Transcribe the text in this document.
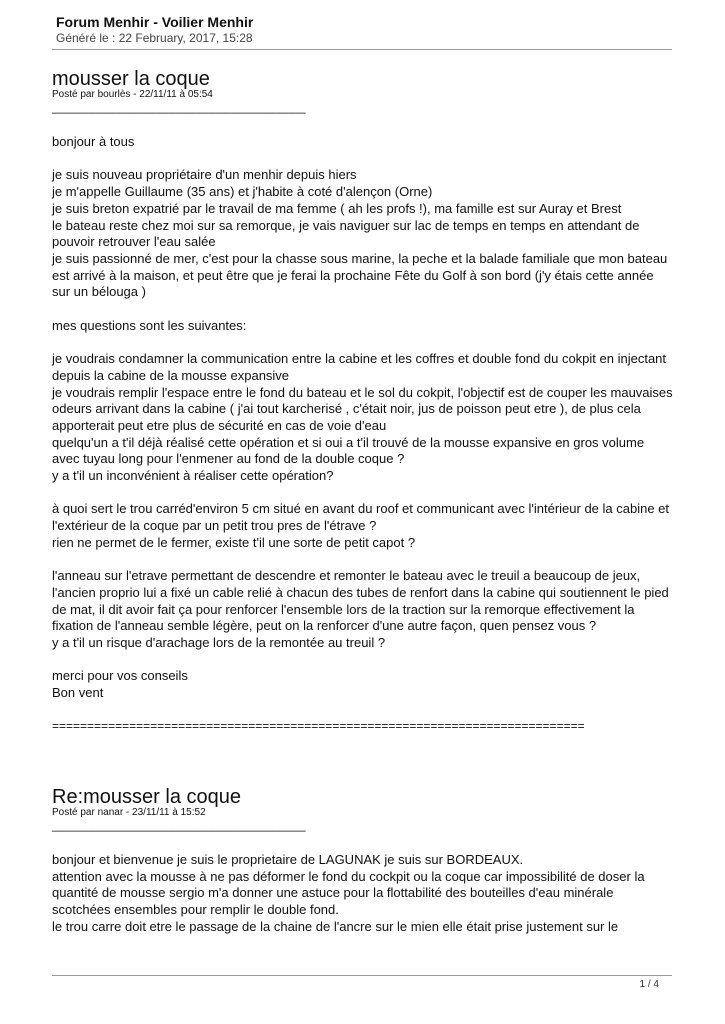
Forum Menhir - Voilier Menhir
Généré le : 22 February, 2017, 15:28
mousser la coque
Posté par bourlès - 22/11/11 à 05:54
______________________________________

bonjour à tous

je suis nouveau propriétaire d'un menhir depuis hiers
je m'appelle Guillaume (35 ans) et j'habite à coté d'alençon (Orne)
je suis breton expatrié par le travail de ma femme ( ah les profs !), ma famille est sur Auray et Brest
le bateau reste chez moi sur sa remorque, je vais naviguer sur lac de temps en temps en attendant de pouvoir retrouver l'eau salée
je suis passionné de mer, c'est pour la chasse sous marine, la peche et la balade familiale que mon bateau est arrivé à la maison, et peut être que je ferai la prochaine Fête du Golf à son bord (j'y étais cette année sur un bélouga )

mes questions sont les suivantes:

je voudrais condamner la communication entre la cabine et les coffres et double fond du cokpit en injectant depuis la cabine de la mousse expansive
je voudrais remplir l'espace entre le fond du bateau et le sol du cokpit, l'objectif est de couper les mauvaises odeurs arrivant dans la cabine ( j'ai tout karcherisé , c'était noir, jus de poisson peut etre ), de plus cela apporterait peut etre plus de sécurité en cas de voie d'eau
quelqu'un a t'il déjà réalisé cette opération et si oui a t'il trouvé de la mousse expansive en gros volume avec tuyau long pour l'enmener au fond de la double coque ?
y a t'il un inconvénient à réaliser cette opération?

à quoi sert le trou carréd'environ 5 cm situé en avant du roof et communicant avec l'intérieur de la cabine et l'extérieur de la coque par un petit trou pres de l'étrave ?
rien ne permet de le fermer, existe t'il une sorte de petit capot ?

l'anneau sur l'etrave permettant de descendre et remonter le bateau avec le treuil a beaucoup de jeux, l'ancien proprio lui a fixé un cable relié à chacun des tubes de renfort dans la cabine qui soutiennent le pied de mat, il dit avoir fait ça pour renforcer l'ensemble lors de la traction sur la remorque effectivement la fixation de l'anneau semble légère, peut on la renforcer d'une autre façon, quen pensez vous ?
y a t'il un risque d'arachage lors de la remontée au treuil ?

merci pour vos conseils
Bon vent

============================================================================
Re:mousser la coque
Posté par nanar - 23/11/11 à 15:52
______________________________________

bonjour et bienvenue je suis le proprietaire de LAGUNAK je suis sur BORDEAUX.
attention avec la mousse à ne pas déformer le fond du cockpit ou la coque car impossibilité de doser la quantité de mousse sergio m'a donner une astuce pour la flottabilité des bouteilles d'eau minérale scotchées ensembles pour remplir le double fond.
le trou carre doit etre le passage de la chaine de l'ancre sur le mien elle était prise justement sur le

1 / 4
